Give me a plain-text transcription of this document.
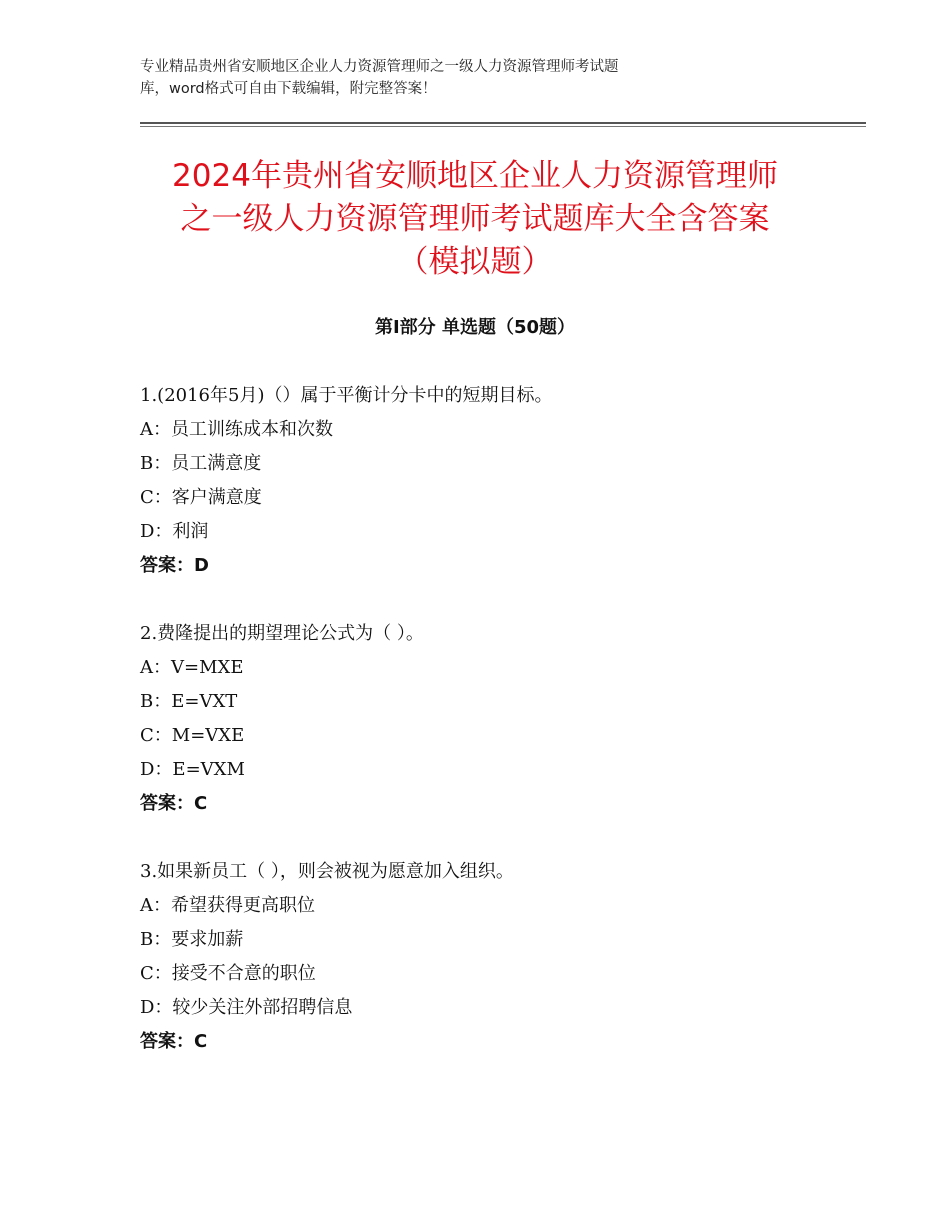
专业精品贵州省安顺地区企业人力资源管理师之一级人力资源管理师考试题
库，word格式可自由下载编辑，附完整答案！
2024年贵州省安顺地区企业人力资源管理师
之一级人力资源管理师考试题库大全含答案
（模拟题）
第Ⅰ部分 单选题（50题）
1.(2016年5月)（）属于平衡计分卡中的短期目标。
A：员工训练成本和次数
B：员工满意度
C：客户满意度
D：利润
答案：D
2.费隆提出的期望理论公式为（ ）。
A：V=MXE
B：E=VXT
C：M=VXE
D：E=VXM
答案：C
3.如果新员工（ ），则会被视为愿意加入组织。
A：希望获得更高职位
B：要求加薪
C：接受不合意的职位
D：较少关注外部招聘信息
答案：C
